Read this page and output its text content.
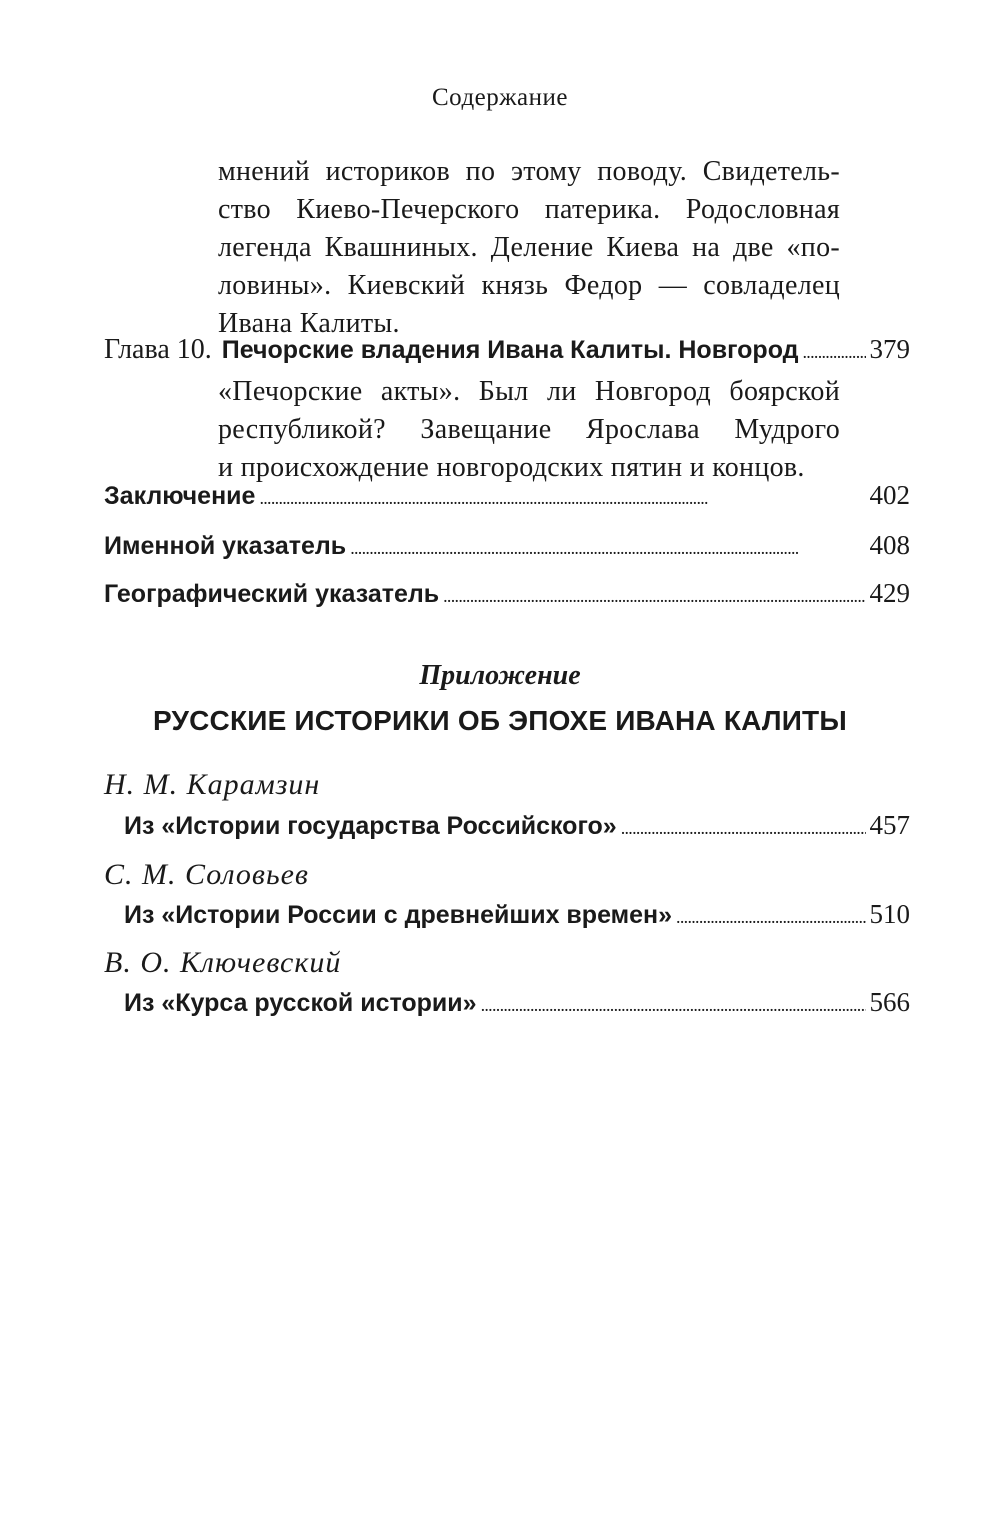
Содержание
мнений историков по этому поводу. Свидетель-
ство Киево-Печерского патерика. Родословная
легенда Квашниных. Деление Киева на две «по-
ловины». Киевский князь Федор — совладелец
Ивана Калиты.
Глава 10. Печорские владения Ивана Калиты. Новгород . . .	379
«Печорские акты». Был ли Новгород боярской
республикой? Завещание Ярослава Мудрого
и происхождение новгородских пятин и концов.
Заключение . . .	402
Именной указатель . . .	408
Географический указатель . . .	429
Приложение
РУССКИЕ ИСТОРИКИ ОБ ЭПОХЕ ИВАНА КАЛИТЫ
Н. М. Карамзин
Из «Истории государства Российского» . . .	457
С. М. Соловьев
Из «Истории России с древнейших времен» . . .	510
В. О. Ключевский
Из «Курса русской истории» . . .	566
